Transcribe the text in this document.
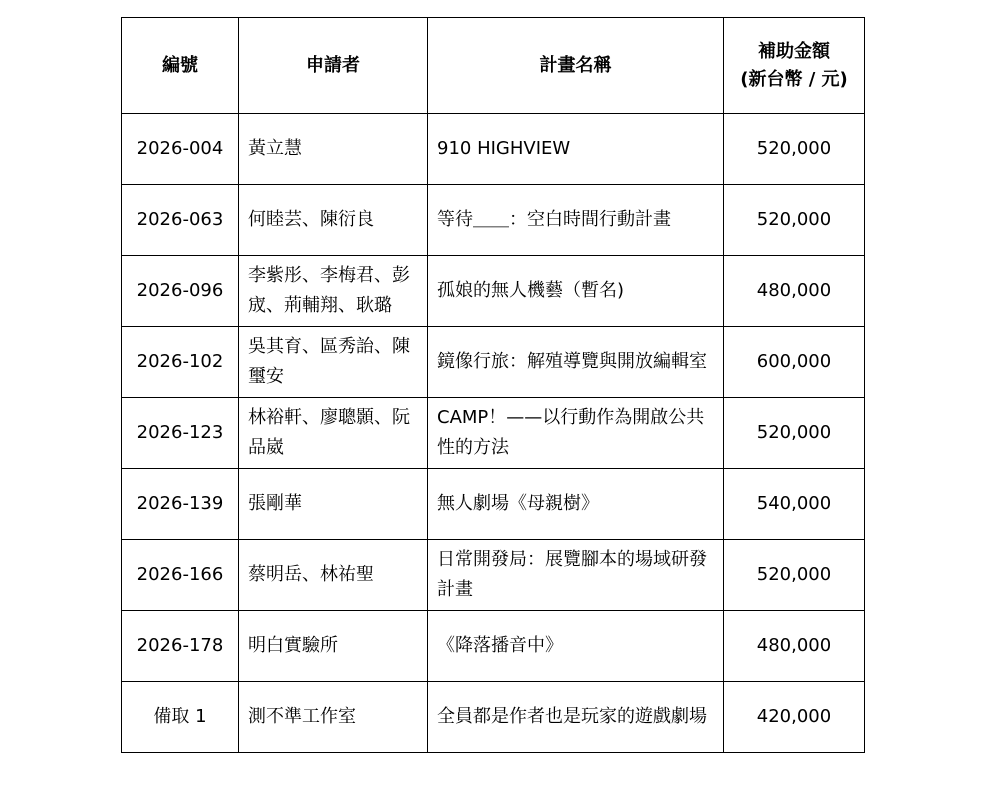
編號	申請者	計畫名稱	補助金額
(新台幣 / 元)

2026-004	黃立慧	910 HIGHVIEW	520,000
2026-063	何睦芸、陳衍良	等待＿＿：空白時間行動計畫	520,000
2026-096	李紫彤、李梅君、彭宬、荊輔翔、耿璐	孤娘的無人機藝（暫名)	480,000
2026-102	吳其育、區秀詒、陳璽安	鏡像行旅：解殖導覽與開放編輯室	600,000
2026-123	林裕軒、廖聰顥、阮品崴	CAMP！——以行動作為開啟公共性的方法	520,000
2026-139	張剛華	無人劇場《母親樹》	540,000
2026-166	蔡明岳、林祐聖	日常開發局：展覽腳本的場域研發計畫	520,000
2026-178	明白實驗所	《降落播音中》	480,000
備取 1	測不準工作室	全員都是作者也是玩家的遊戲劇場	420,000
